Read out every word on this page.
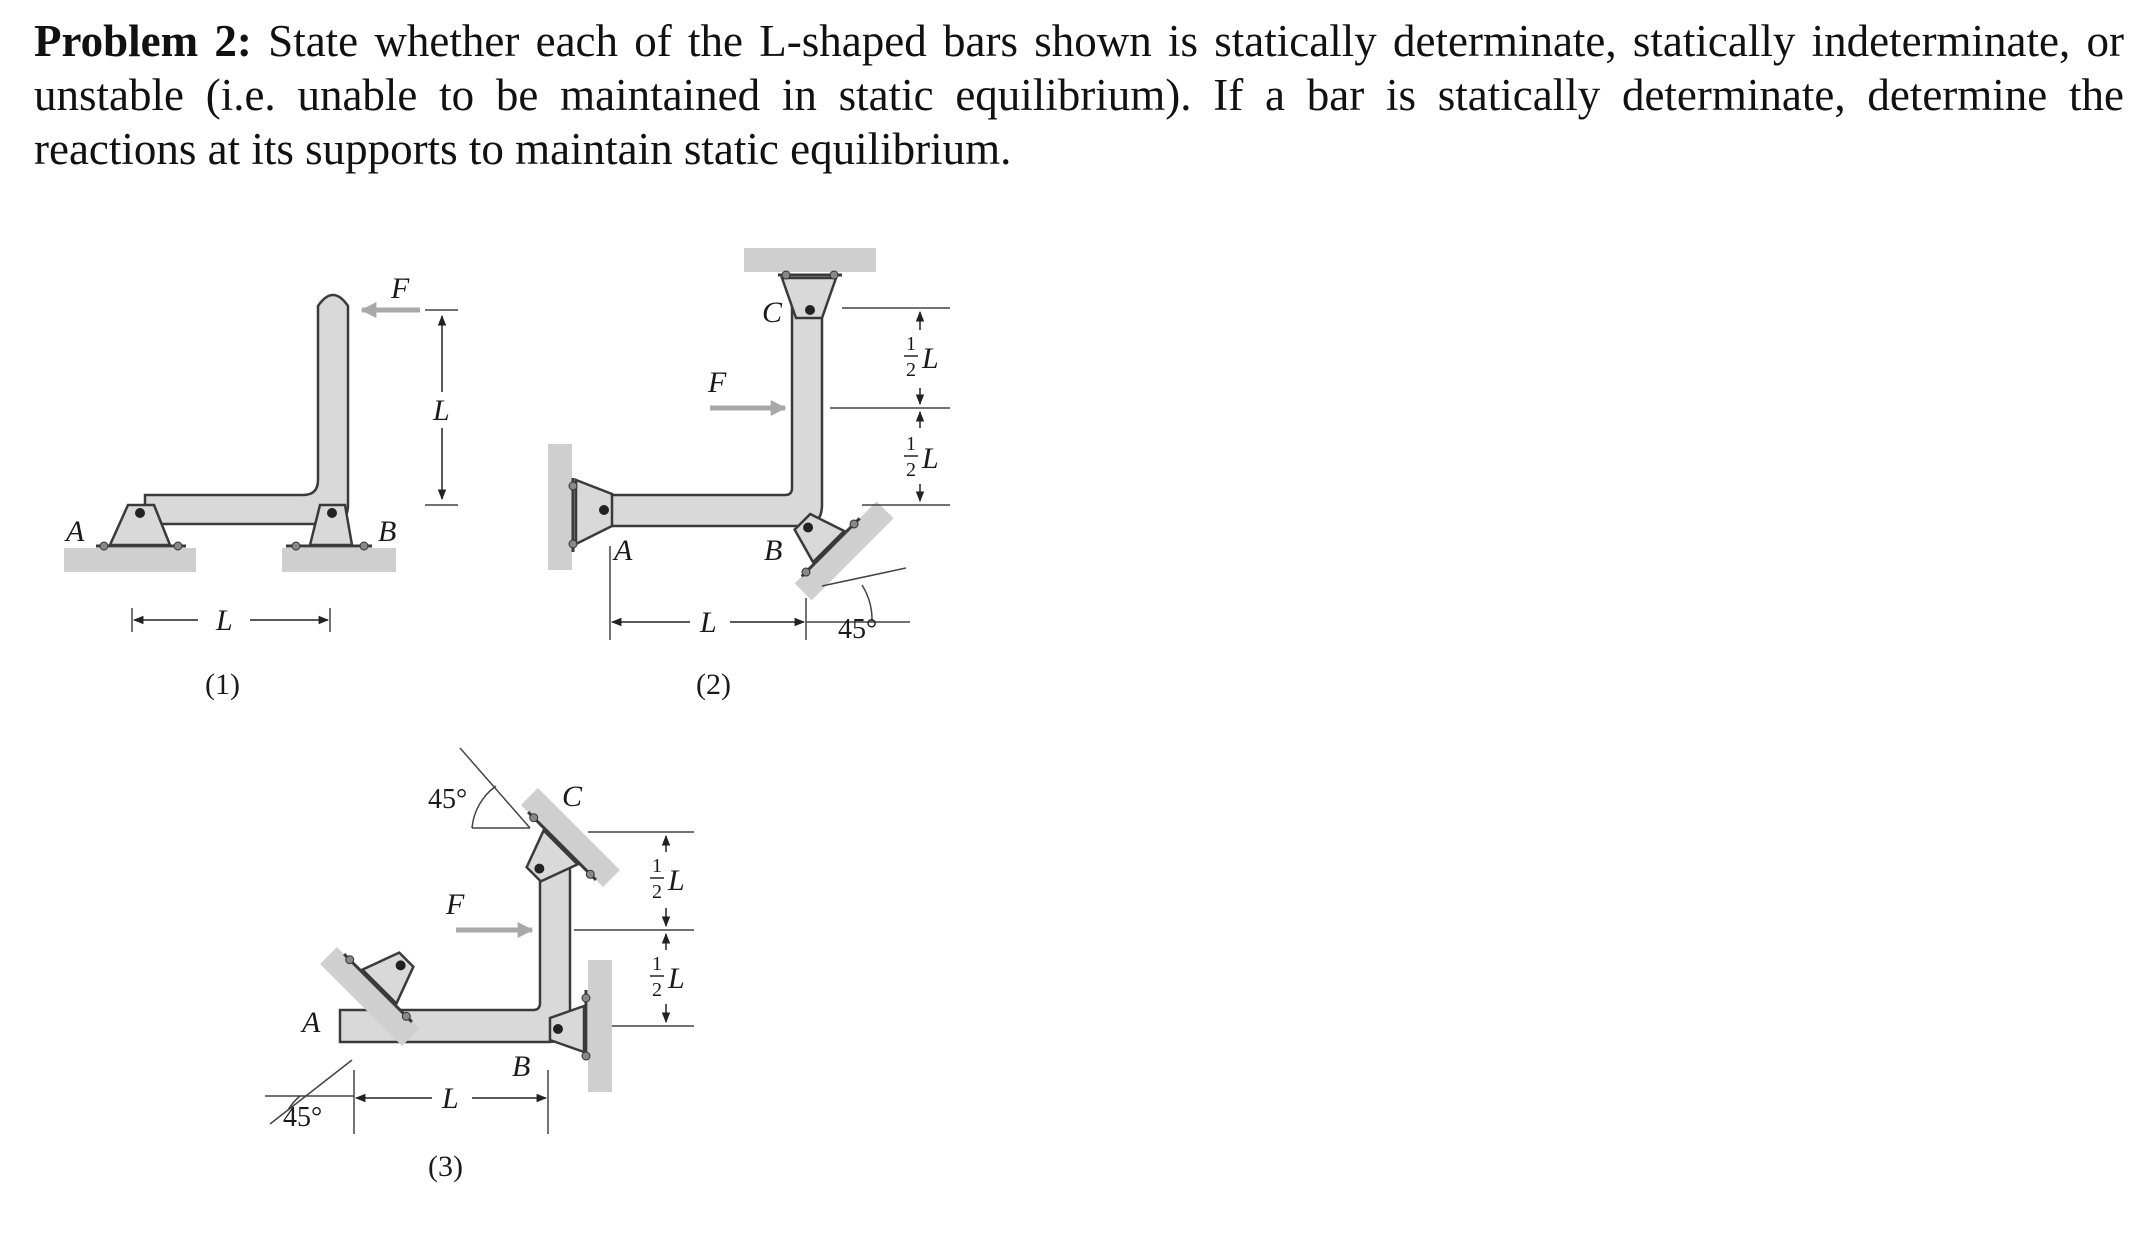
Problem 2: State whether each of the L-shaped bars shown is statically determinate, statically indeterminate, or unstable (i.e. unable to be maintained in static equilibrium). If a bar is statically determinate, determine the reactions at its supports to maintain static equilibrium.

F
L
A	B
L
(1)
F
C
A	B
L	45°
1
2 L
1
2 L
(2)
F
C
A
B
45°
45°
L
1
2 L
1
2 L
(3)
